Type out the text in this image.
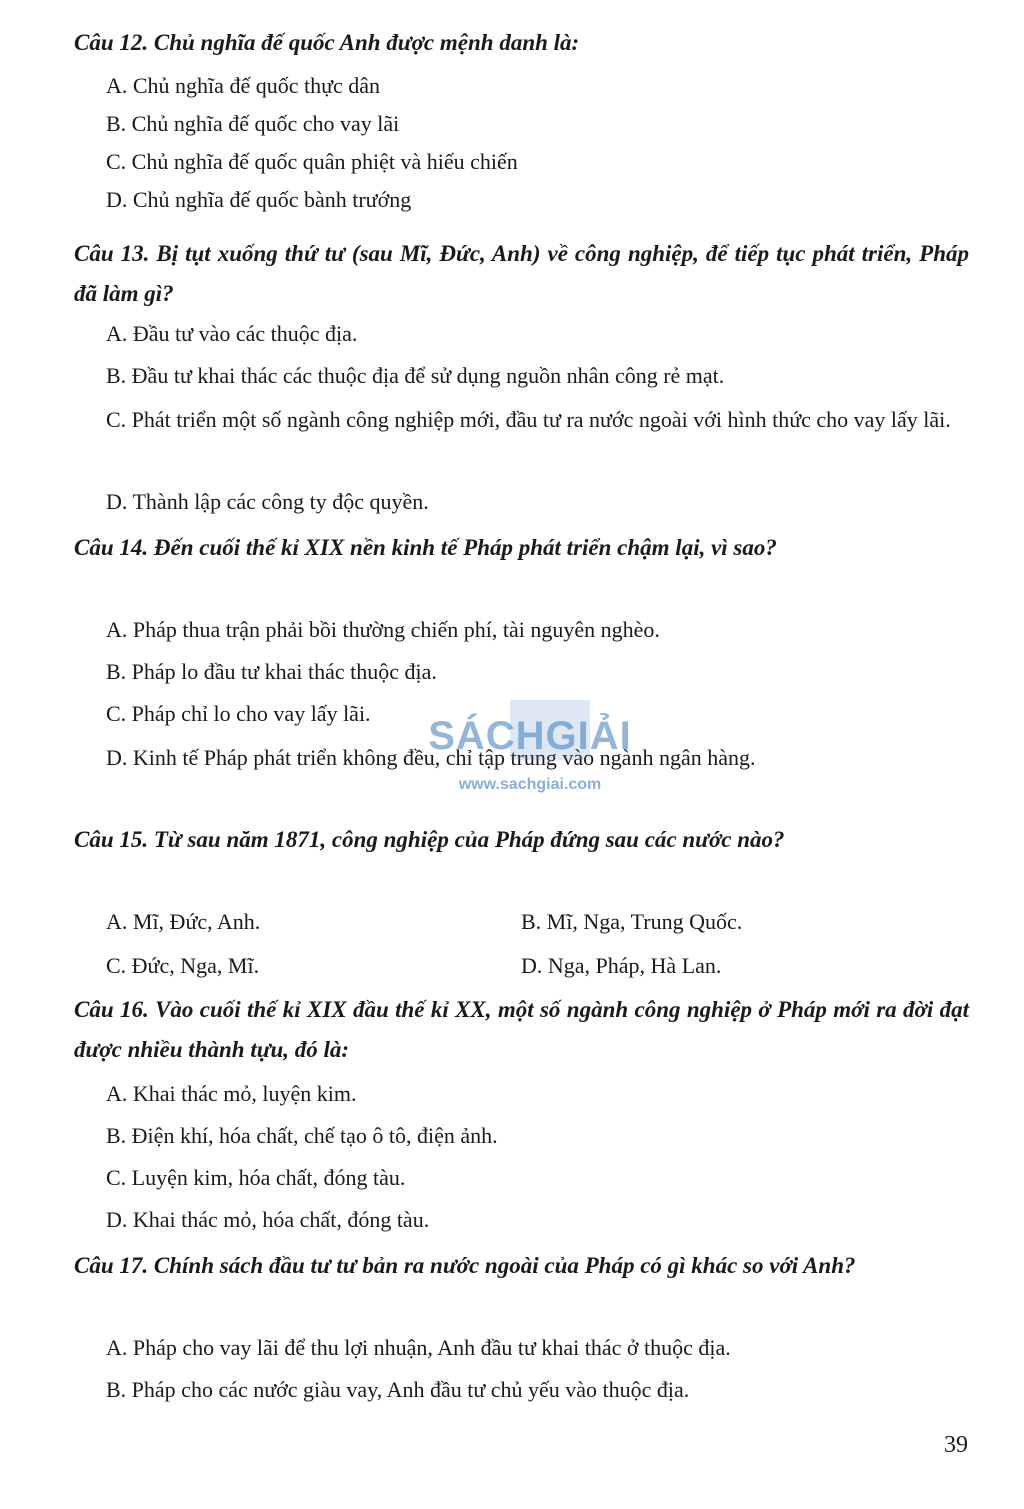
Câu 12. Chủ nghĩa đế quốc Anh được mệnh danh là:
A. Chủ nghĩa đế quốc thực dân
B. Chủ nghĩa đế quốc cho vay lãi
C. Chủ nghĩa đế quốc quân phiệt và hiếu chiến
D. Chủ nghĩa đế quốc bành trướng
Câu 13. Bị tụt xuống thứ tư (sau Mĩ, Đức, Anh) về công nghiệp, để tiếp tục phát triển, Pháp đã làm gì?
A. Đầu tư vào các thuộc địa.
B. Đầu tư khai thác các thuộc địa để sử dụng nguồn nhân công rẻ mạt.
C. Phát triển một số ngành công nghiệp mới, đầu tư ra nước ngoài với hình thức cho vay lấy lãi.
D. Thành lập các công ty độc quyền.
Câu 14. Đến cuối thế kỉ XIX nền kinh tế Pháp phát triển chậm lại, vì sao?
A. Pháp thua trận phải bồi thường chiến phí, tài nguyên nghèo.
B. Pháp lo đầu tư khai thác thuộc địa.
C. Pháp chỉ lo cho vay lấy lãi.
D. Kinh tế Pháp phát triển không đều, chỉ tập trung vào ngành ngân hàng.
Câu 15. Từ sau năm 1871, công nghiệp của Pháp đứng sau các nước nào?
A. Mĩ, Đức, Anh.	B. Mĩ, Nga, Trung Quốc.
C. Đức, Nga, Mĩ.	D. Nga, Pháp, Hà Lan.
Câu 16. Vào cuối thế kỉ XIX đầu thế kỉ XX, một số ngành công nghiệp ở Pháp mới ra đời đạt được nhiều thành tựu, đó là:
A. Khai thác mỏ, luyện kim.
B. Điện khí, hóa chất, chế tạo ô tô, điện ảnh.
C. Luyện kim, hóa chất, đóng tàu.
D. Khai thác mỏ, hóa chất, đóng tàu.
Câu 17. Chính sách đầu tư tư bản ra nước ngoài của Pháp có gì khác so với Anh?
A. Pháp cho vay lãi để thu lợi nhuận, Anh đầu tư khai thác ở thuộc địa.
B. Pháp cho các nước giàu vay, Anh đầu tư chủ yếu vào thuộc địa.
SÁCHGIẢI
www.sachgiai.com
39
